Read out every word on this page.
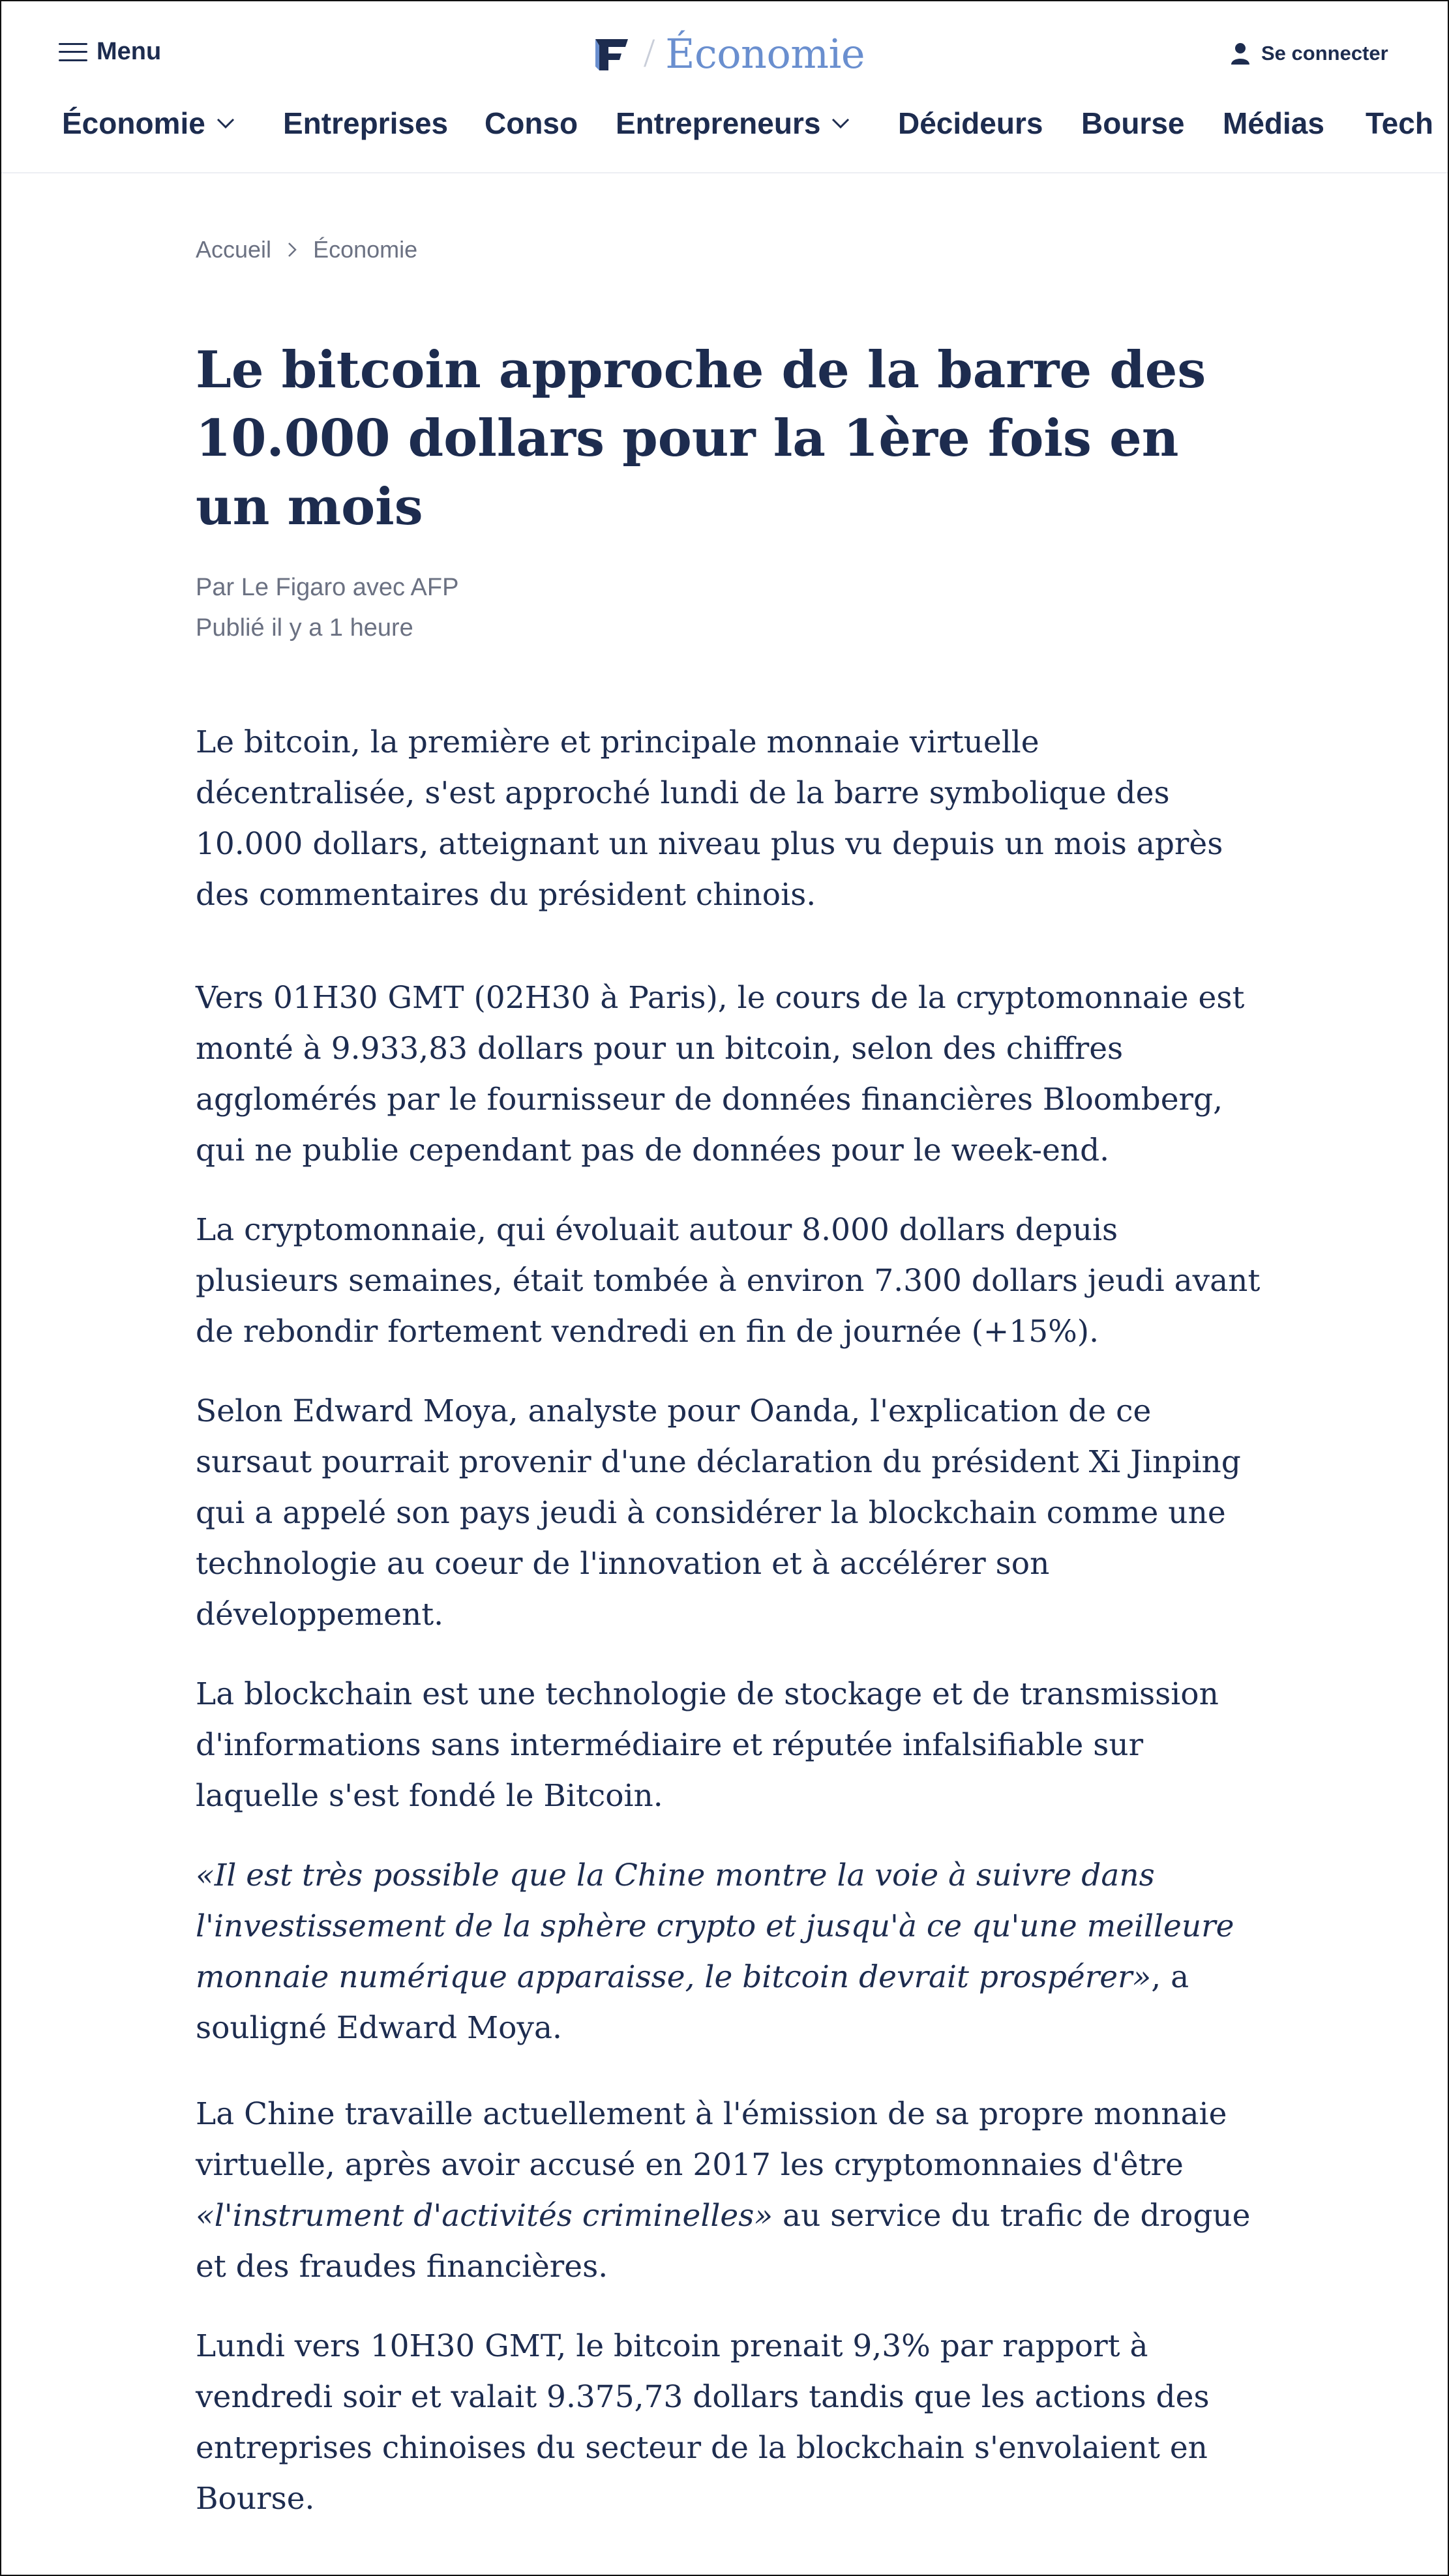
Menu	/ Économie	Se connecter
Économie	Entreprises Conso Entrepreneurs	Décideurs Bourse Médias Tech
Accueil Économie
Le bitcoin approche de la barre des 10.000 dollars pour la 1ère fois en un mois
Par Le Figaro avec AFP
Publié il y a 1 heure

Le bitcoin, la première et principale monnaie virtuelle décentralisée, s'est approché lundi de la barre symbolique des 10.000 dollars, atteignant un niveau plus vu depuis un mois après des commentaires du président chinois.

Vers 01H30 GMT (02H30 à Paris), le cours de la cryptomonnaie est monté à 9.933,83 dollars pour un bitcoin, selon des chiffres agglomérés par le fournisseur de données financières Bloomberg, qui ne publie cependant pas de données pour le week-end.

La cryptomonnaie, qui évoluait autour 8.000 dollars depuis plusieurs semaines, était tombée à environ 7.300 dollars jeudi avant de rebondir fortement vendredi en fin de journée (+15%).

Selon Edward Moya, analyste pour Oanda, l'explication de ce sursaut pourrait provenir d'une déclaration du président Xi Jinping qui a appelé son pays jeudi à considérer la blockchain comme une technologie au coeur de l'innovation et à accélérer son développement.

La blockchain est une technologie de stockage et de transmission d'informations sans intermédiaire et réputée infalsifiable sur laquelle s'est fondé le Bitcoin.

«Il est très possible que la Chine montre la voie à suivre dans l'investissement de la sphère crypto et jusqu'à ce qu'une meilleure monnaie numérique apparaisse, le bitcoin devrait prospérer», a souligné Edward Moya.

La Chine travaille actuellement à l'émission de sa propre monnaie virtuelle, après avoir accusé en 2017 les cryptomonnaies d'être «l'instrument d'activités criminelles» au service du trafic de drogue et des fraudes financières.

Lundi vers 10H30 GMT, le bitcoin prenait 9,3% par rapport à vendredi soir et valait 9.375,73 dollars tandis que les actions des entreprises chinoises du secteur de la blockchain s'envolaient en Bourse.
